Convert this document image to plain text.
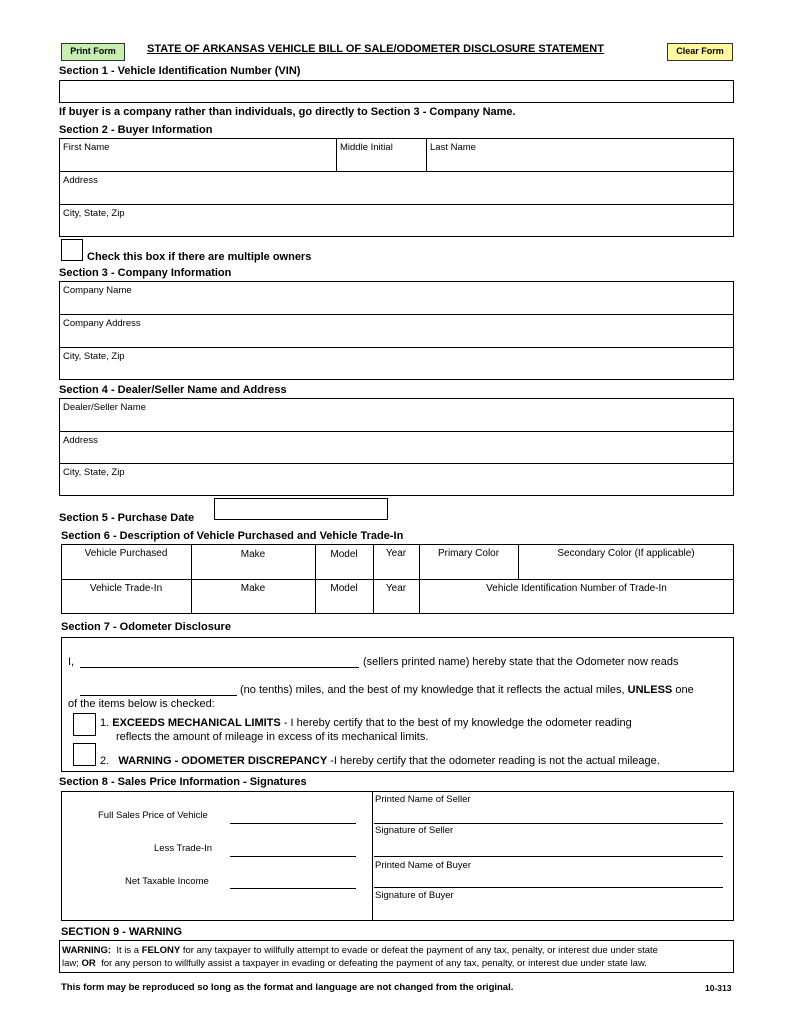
Print Form	STATE OF ARKANSAS VEHICLE BILL OF SALE/ODOMETER DISCLOSURE STATEMENT	Clear Form
Section 1 - Vehicle Identification Number (VIN)
If buyer is a company rather than individuals, go directly to Section 3 - Company Name.
Section 2 - Buyer Information
First Name	Middle Initial	Last Name
Address
City, State, Zip
Check this box if there are multiple owners
Section 3 - Company Information
Company Name
Company Address
City, State, Zip
Section 4 - Dealer/Seller Name and Address
Dealer/Seller Name
Address
City, State, Zip
Section 5 - Purchase Date
Section 6 - Description of Vehicle Purchased and Vehicle Trade-In
Vehicle Purchased	Make	Model	Year	Primary Color	Secondary Color (If applicable)
Vehicle Trade-In	Make	Model	Year	Vehicle Identification Number of Trade-In
Section 7 - Odometer Disclosure
I,	(sellers printed name) hereby state that the Odometer now reads
(no tenths) miles, and the best of my knowledge that it reflects the actual miles, UNLESS one
of the items below is checked:
1. EXCEEDS MECHANICAL LIMITS - I hereby certify that to the best of my knowledge the odometer reading
reflects the amount of mileage in excess of its mechanical limits.
2. WARNING - ODOMETER DISCREPANCY -I hereby certify that the odometer reading is not the actual mileage.
Section 8 - Sales Price Information - Signatures
Full Sales Price of Vehicle
Less Trade-In
Net Taxable Income
Printed Name of Seller
Signature of Seller
Printed Name of Buyer
Signature of Buyer
SECTION 9 - WARNING
WARNING: It is a FELONY for any taxpayer to willfully attempt to evade or defeat the payment of any tax, penalty, or interest due under state
law; OR for any person to willfully assist a taxpayer in evading or defeating the payment of any tax, penalty, or interest due under state law.
This form may be reproduced so long as the format and language are not changed from the original.	10-313
